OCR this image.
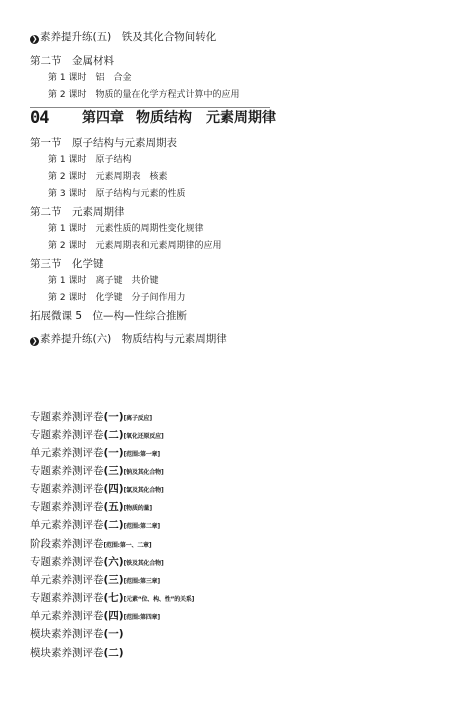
❯ 素养提升练(五)　 铁及其化合物间转化
第二节　金属材料
第 1 课时　铝　合金
第 2 课时　物质的量在化学方程式计算中的应用
04 第四章 物质结构　元素周期律
第一节　原子结构与元素周期表
第 1 课时　原子结构
第 2 课时　元素周期表　核素
第 3 课时　原子结构与元素的性质
第二节　元素周期律
第 1 课时　元素性质的周期性变化规律
第 2 课时　元素周期表和元素周期律的应用
第三节　化学键
第 1 课时　离子键　共价键
第 2 课时　化学键　分子间作用力
拓展微课 5　位—构—性综合推断
❯ 素养提升练(六)　 物质结构与元素周期律
专题素养测评卷(一)[离子反应]
专题素养测评卷(二)[氧化还原反应]
单元素养测评卷(一)[范围:第一章]
专题素养测评卷(三)[钠及其化合物]
专题素养测评卷(四)[氯及其化合物]
专题素养测评卷(五)[物质的量]
单元素养测评卷(二)[范围:第二章]
阶段素养测评卷[范围:第一、二章]
专题素养测评卷(六)[铁及其化合物]
单元素养测评卷(三)[范围:第三章]
专题素养测评卷(七)[元素“位、构、性”的关系]
单元素养测评卷(四)[范围:第四章]
模块素养测评卷(一)
模块素养测评卷(二)
